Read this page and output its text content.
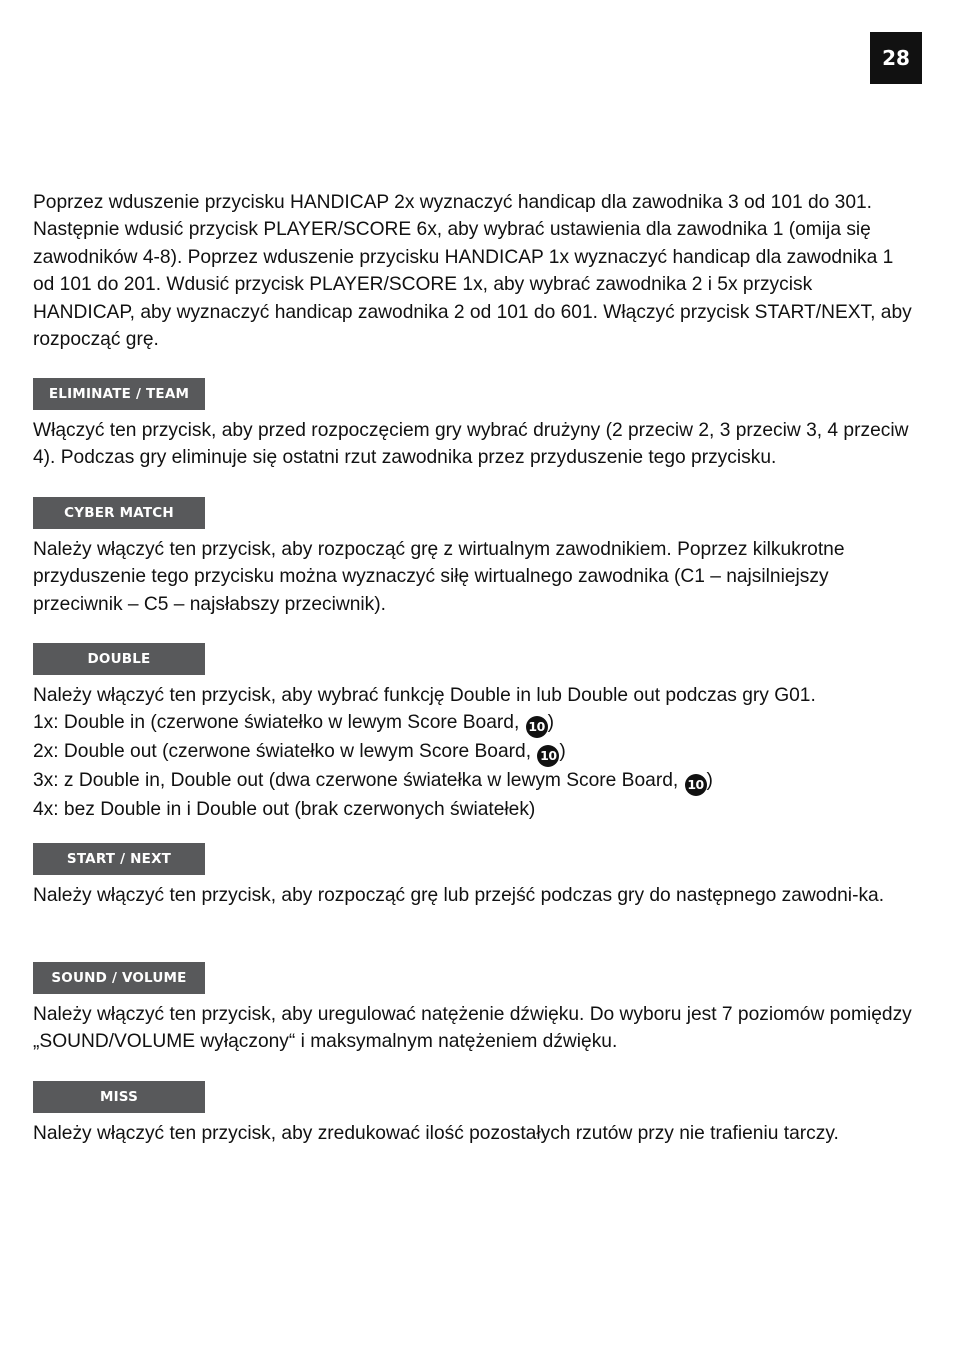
28

Poprzez wduszenie przycisku HANDICAP 2x wyznaczyć handicap dla zawodnika 3 od 101 do 301. Następnie wdusić przycisk PLAYER/SCORE 6x, aby wybrać ustawienia dla zawodnika 1 (omija się zawodników 4-8). Poprzez wduszenie przycisku HANDICAP 1x wyznaczyć handicap dla zawodnika 1 od 101 do 201. Wdusić przycisk PLAYER/SCORE 1x, aby wybrać zawodnika 2 i 5x przycisk HANDICAP, aby wyznaczyć handicap zawodnika 2 od 101 do 601. Włączyć przycisk START/NEXT, aby rozpocząć grę.

ELIMINATE / TEAM

Włączyć ten przycisk, aby przed rozpoczęciem gry wybrać drużyny (2 przeciw 2, 3 przeciw 3, 4 przeciw 4). Podczas gry eliminuje się ostatni rzut zawodnika przez przyduszenie tego przycisku.

CYBER MATCH

Należy włączyć ten przycisk, aby rozpocząć grę z wirtualnym zawodnikiem. Poprzez kilkukrotne przyduszenie tego przycisku można wyznaczyć siłę wirtualnego zawodnika (C1 – najsilniejszy przeciwnik – C5 – najsłabszy przeciwnik).

DOUBLE
Należy włączyć ten przycisk, aby wybrać funkcję Double in lub Double out podczas gry G01.
1x: Double in (czerwone światełko w lewym Score Board, 10 )
2x: Double out (czerwone światełko w lewym Score Board, 10 )
3x: z Double in, Double out (dwa czerwone światełka w lewym Score Board, 10 )
4x: bez Double in i Double out (brak czerwonych światełek)
START / NEXT

Należy włączyć ten przycisk, aby rozpocząć grę lub przejść podczas gry do następnego zawodni-ka.

SOUND / VOLUME

Należy włączyć ten przycisk, aby uregulować natężenie dźwięku. Do wyboru jest 7 poziomów pomiędzy „SOUND/VOLUME wyłączony“ i maksymalnym natężeniem dźwięku.

MISS

Należy włączyć ten przycisk, aby zredukować ilość pozostałych rzutów przy nie trafieniu tarczy.
